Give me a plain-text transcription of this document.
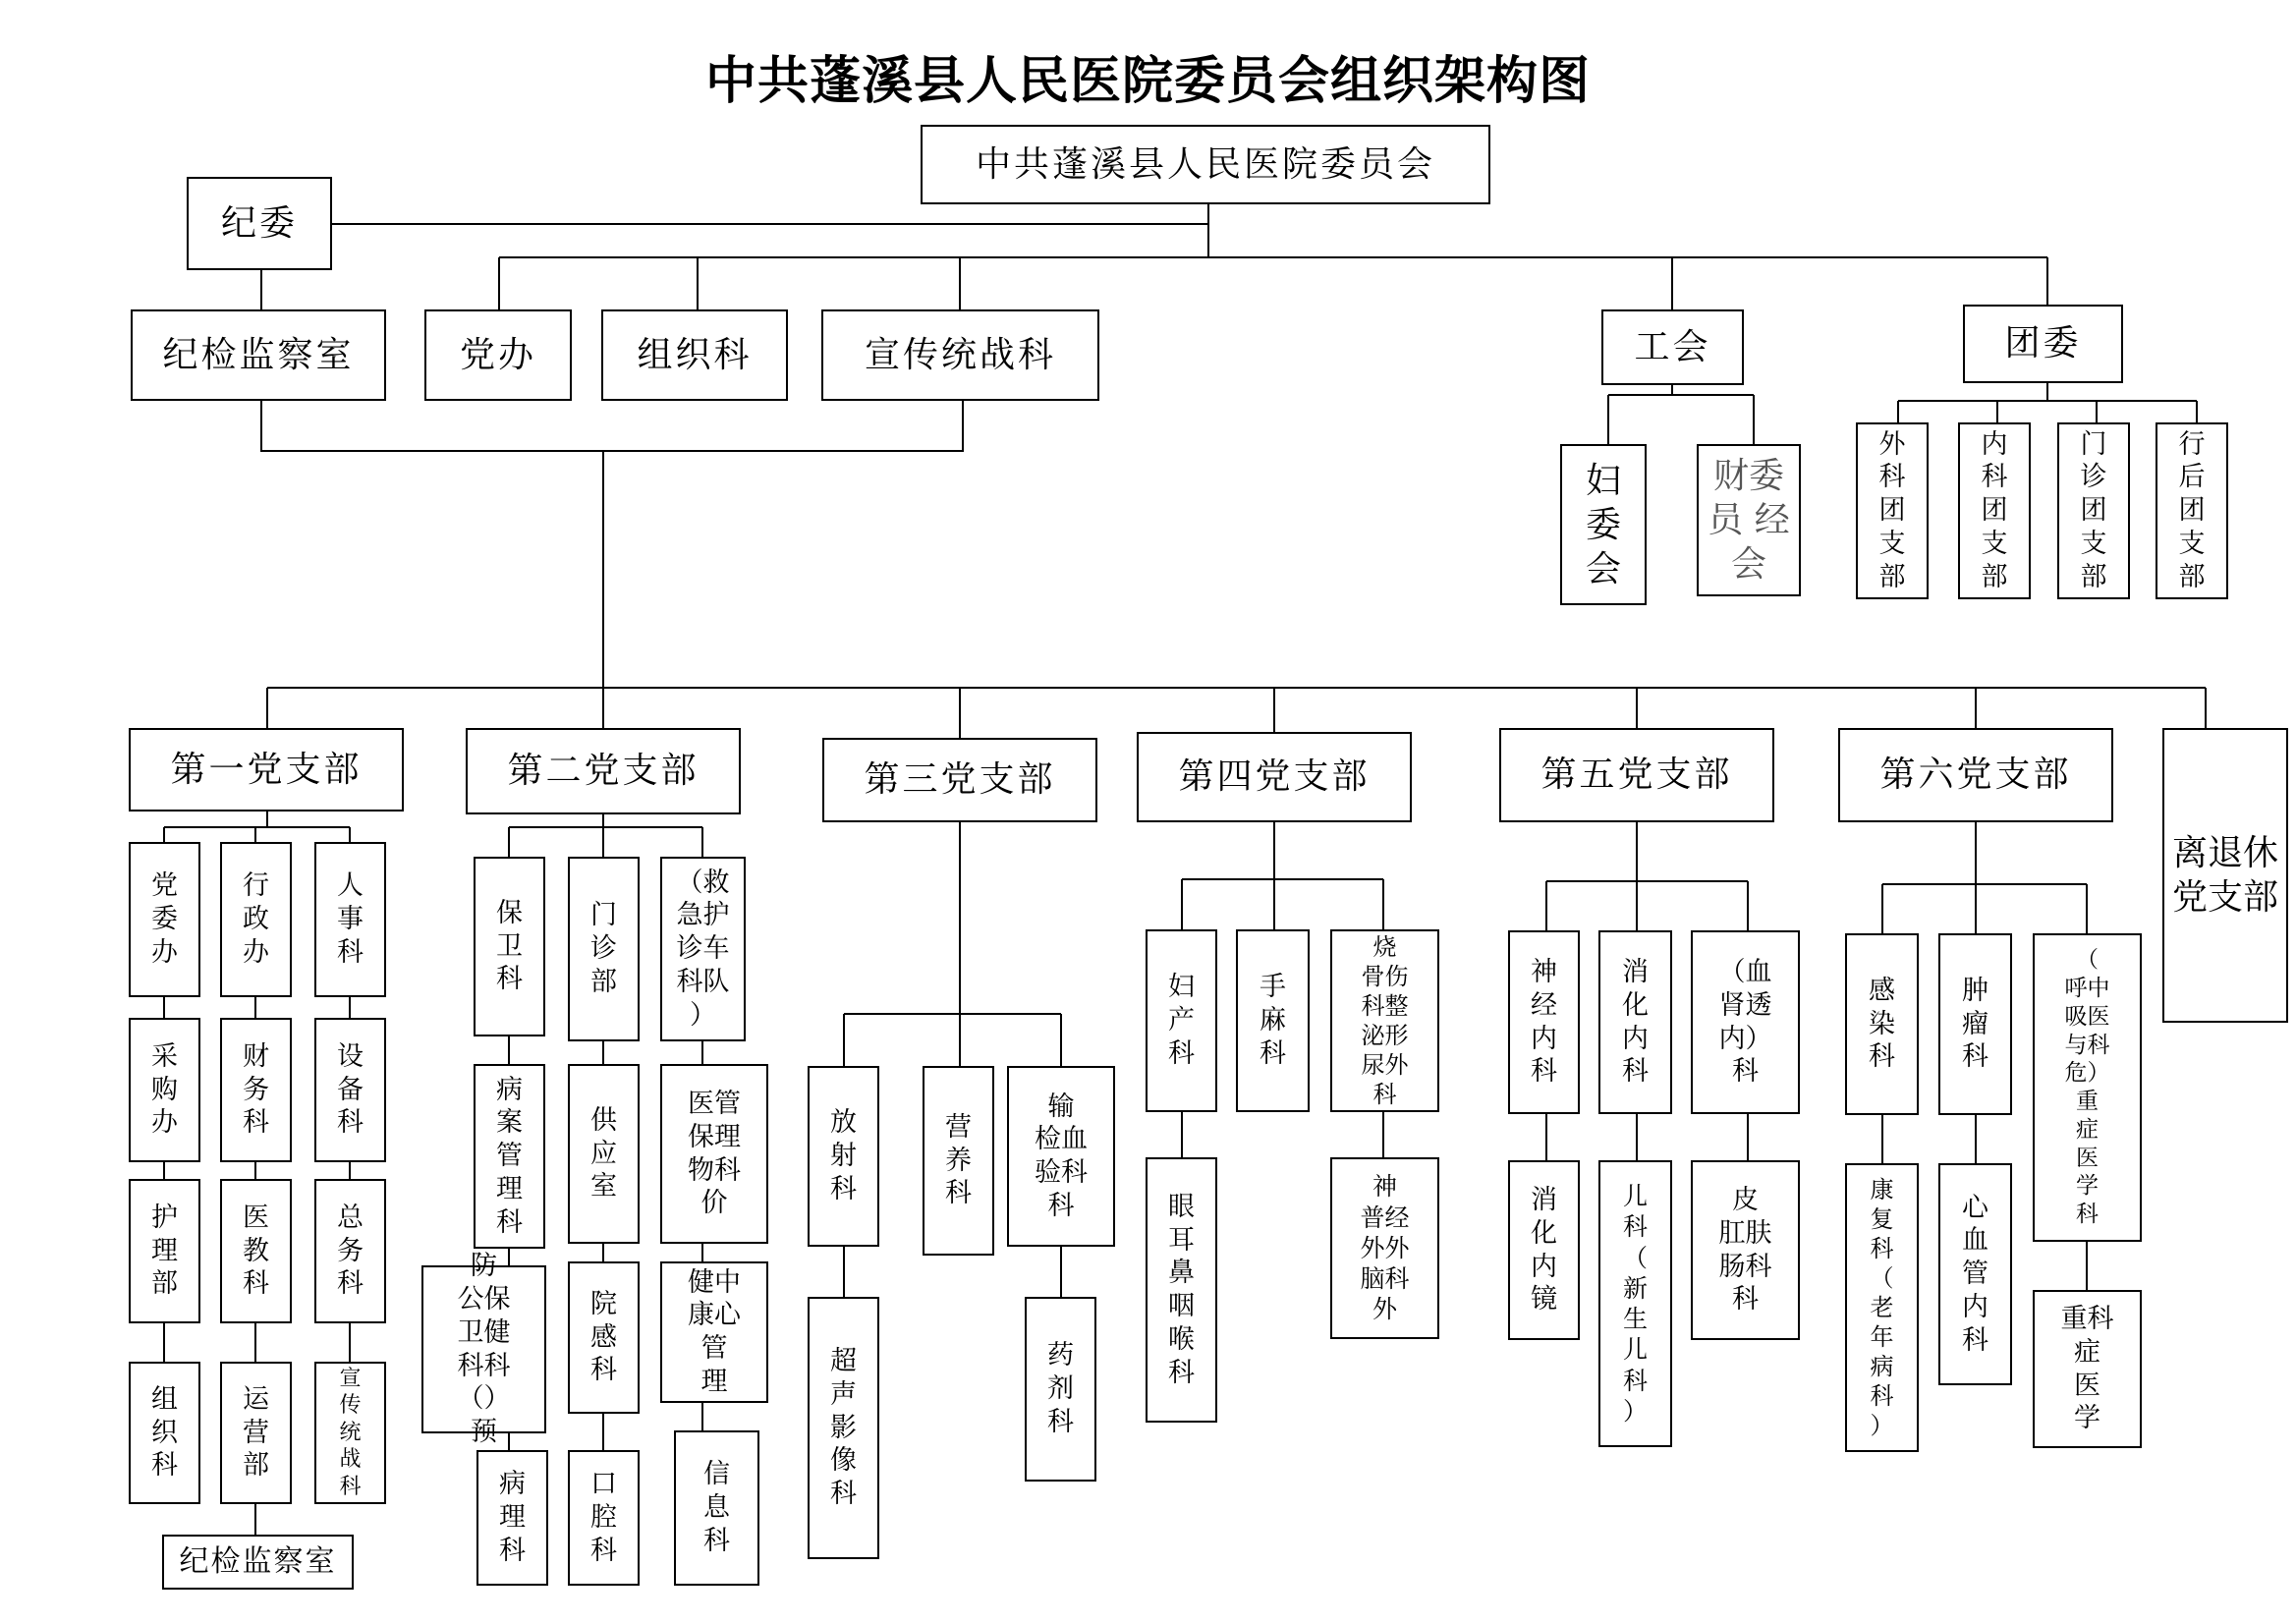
中共蓬溪县人民医院委员会组织架构图
中共蓬溪县人民医院委员会
纪委
纪检监察室	党办	组织科	宣传统战科	工会	团委
妇 委 会
财委 员 经会
外
科
团
支
部
内
科
团
支
部
门
诊
团
支
部
行
后
团
支
部
第一党支部	第二党支部	第三党支部	第四党支部	第五党支部	第六党支部
离退休党支部
党
委
办
行
政
办
人
事
科
采
购
办
财
务
科
设
备
科
护
理
部
医
教
科
总
务
科
组
织
科
运
营
部
宣
传
统
战
科
纪检监察室
保
卫
科
门
诊
部
（救
急护
诊车
科队
）
病
案
管
理
科
供
应
室
医管
保理
物科
价
防
公保
卫健
科科
（）
预
院
感
科
健中
康心
管
理
病
理
科
口
腔
科
信
息
科
放
射
科
营
养
科
输
检血
验科
科
超
声
影
像
科
药
剂
科
妇
产
科
手
麻
科
烧
骨伤
科整
泌形
尿外
科
眼
耳
鼻
咽
喉
科
神
普经
外外
脑科
外
神
经
内
科
消
化
内
科
（血
肾透
内）
科
消
化
内
镜
儿
科
（
新
生
儿
科
）
皮
肛肤
肠科
科
感
染
科
肿
瘤
科
（
呼中
吸医
与科
危）
重
症
医
学
科
康
复
科
（
老
年
病
科
）
心
血
管
内
科
重科
症
医
学
